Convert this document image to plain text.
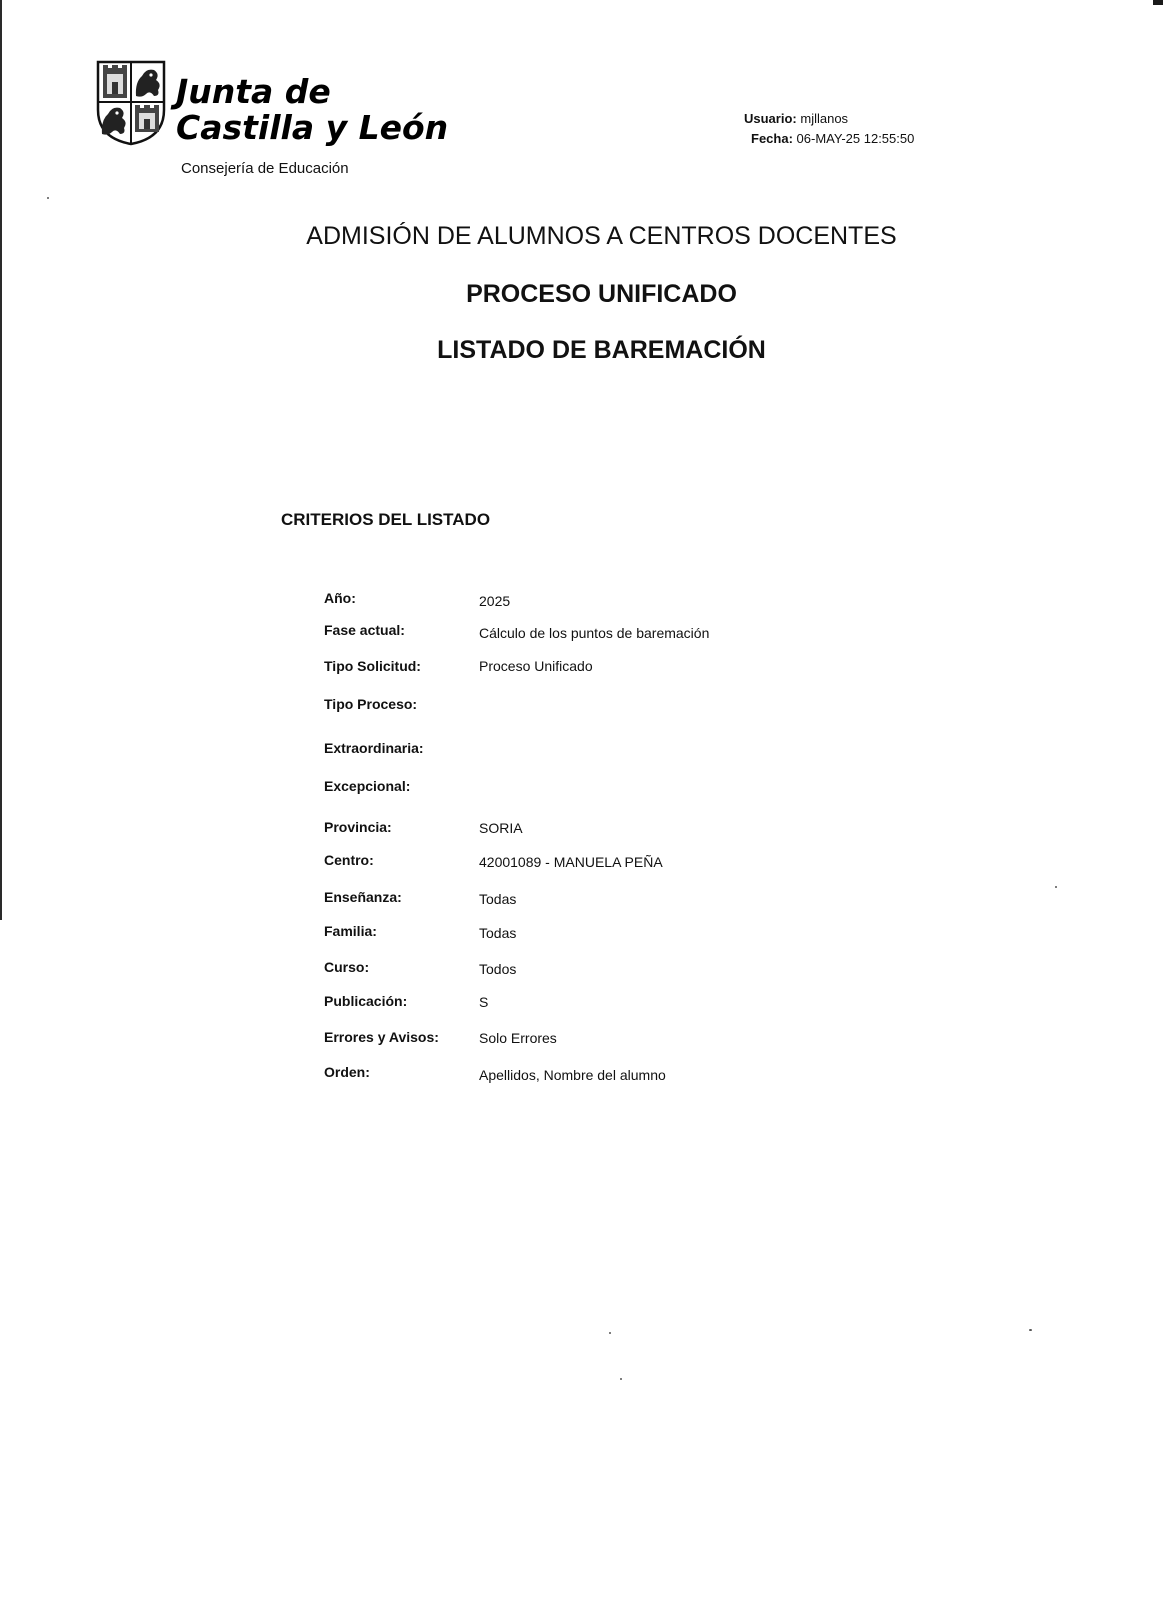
Junta de
Castilla y León
Consejería de Educación
Usuario: mjllanos
Fecha: 06-MAY-25 12:55:50
ADMISIÓN DE ALUMNOS A CENTROS DOCENTES
PROCESO UNIFICADO
LISTADO DE BAREMACIÓN
CRITERIOS DEL LISTADO
Año:	2025
Fase actual:	Cálculo de los puntos de baremación
Tipo Solicitud:	Proceso Unificado
Tipo Proceso:
Extraordinaria:
Excepcional:
Provincia:	SORIA
Centro:	42001089 - MANUELA PEÑA
Enseñanza:	Todas
Familia:	Todas
Curso:	Todos
Publicación:	S
Errores y Avisos:	Solo Errores
Orden:	Apellidos, Nombre del alumno
